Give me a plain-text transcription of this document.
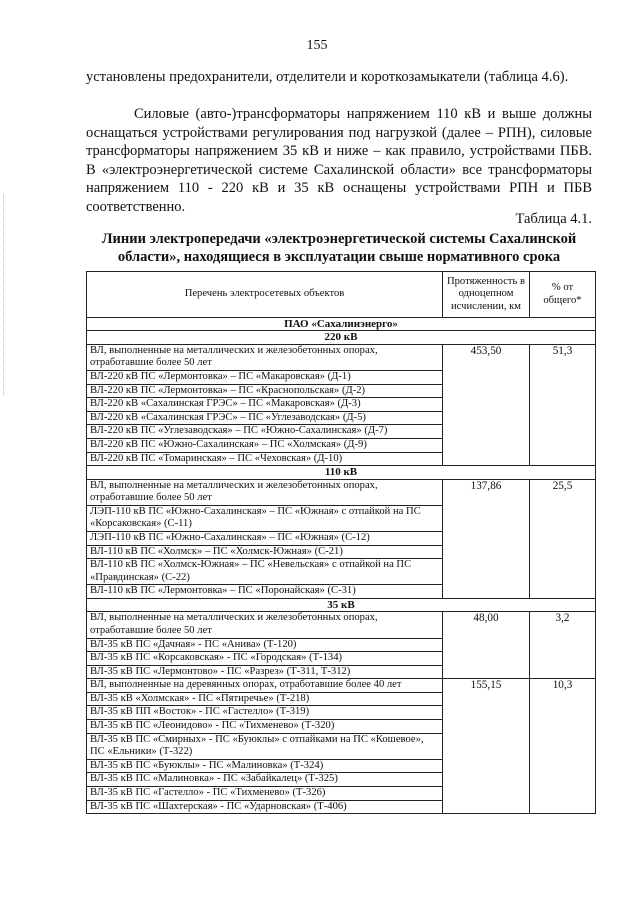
155

установлены предохранители, отделители и короткозамыкатели (таблица 4.6).

Силовые (авто-)трансформаторы напряжением 110 кВ и выше должны оснащаться устройствами регулирования под нагрузкой (далее – РПН), силовые трансформаторы напряжением 35 кВ и ниже – как правило, устройствами ПБВ. В «электроэнергетической системе Сахалинской области» все трансформаторы напряжением 110 - 220 кВ и 35 кВ оснащены устройствами РПН и ПБВ соответственно.

Таблица 4.1.
Линии электропередачи «электроэнергетической системы Сахалинской области», находящиеся в эксплуатации свыше нормативного срока
Перечень электросетевых объектов	Протяженность в одноцепном исчислении, км	% от общего*
ПАО «Сахалинэнерго»		
220 кВ		
ВЛ, выполненные на металлических и железобетонных опорах, отработавшие более 50 лет	453,50	51,3
ВЛ-220 кВ ПС «Лермонтовка» – ПС «Макаровская» (Д-1)		
ВЛ-220 кВ ПС «Лермонтовка» – ПС «Краснопольская» (Д-2)		
ВЛ-220 кВ «Сахалинская ГРЭС» – ПС «Макаровская» (Д-3)		
ВЛ-220 кВ «Сахалинская ГРЭС» – ПС «Углезаводская» (Д-5)		
ВЛ-220 кВ ПС «Углезаводская» – ПС «Южно-Сахалинская» (Д-7)		
ВЛ-220 кВ ПС «Южно-Сахалинская» – ПС «Холмская» (Д-9)		
ВЛ-220 кВ ПС «Томаринская» – ПС «Чеховская» (Д-10)		
110 кВ		
ВЛ, выполненные на металлических и железобетонных опорах, отработавшие более 50 лет	137,86	25,5
ЛЭП-110 кВ ПС «Южно-Сахалинская» – ПС «Южная» с отпайкой на ПС «Корсаковская» (С-11)		
ЛЭП-110 кВ ПС «Южно-Сахалинская» – ПС «Южная» (С-12)		
ВЛ-110 кВ ПС «Холмск» – ПС «Холмск-Южная» (С-21)		
ВЛ-110 кВ ПС «Холмск-Южная» – ПС «Невельская» с отпайкой на ПС «Правдинская» (С-22)		
ВЛ-110 кВ ПС «Лермонтовка» – ПС «Поронайская» (С-31)		
35 кВ		
ВЛ, выполненные на металлических и железобетонных опорах, отработавшие более 50 лет	48,00	3,2
ВЛ-35 кВ ПС «Дачная» - ПС «Анива» (Т-120)		
ВЛ-35 кВ ПС «Корсаковская» - ПС «Городская» (Т-134)		
ВЛ-35 кВ ПС «Лермонтово» - ПС «Разрез» (Т-311, Т-312)		
ВЛ, выполненные на деревянных опорах, отработавшие более 40 лет	155,15	10,3
ВЛ-35 кВ «Холмская» - ПС «Пятиречье» (Т-218)		
ВЛ-35 кВ ПП «Восток» - ПС «Гастелло» (Т-319)		
ВЛ-35 кВ ПС «Леонидово» - ПС «Тихменево» (Т-320)		
ВЛ-35 кВ ПС «Смирных» - ПС «Буюклы» с отпайками на ПС «Кошевое», ПС «Ельники» (Т-322)		
ВЛ-35 кВ ПС «Буюклы» - ПС «Малиновка» (Т-324)		
ВЛ-35 кВ ПС «Малиновка» - ПС «Забайкалец» (Т-325)		
ВЛ-35 кВ ПС «Гастелло» - ПС «Тихменево» (Т-326)		
ВЛ-35 кВ ПС «Шахтерская» - ПС «Ударновская» (Т-406)		
